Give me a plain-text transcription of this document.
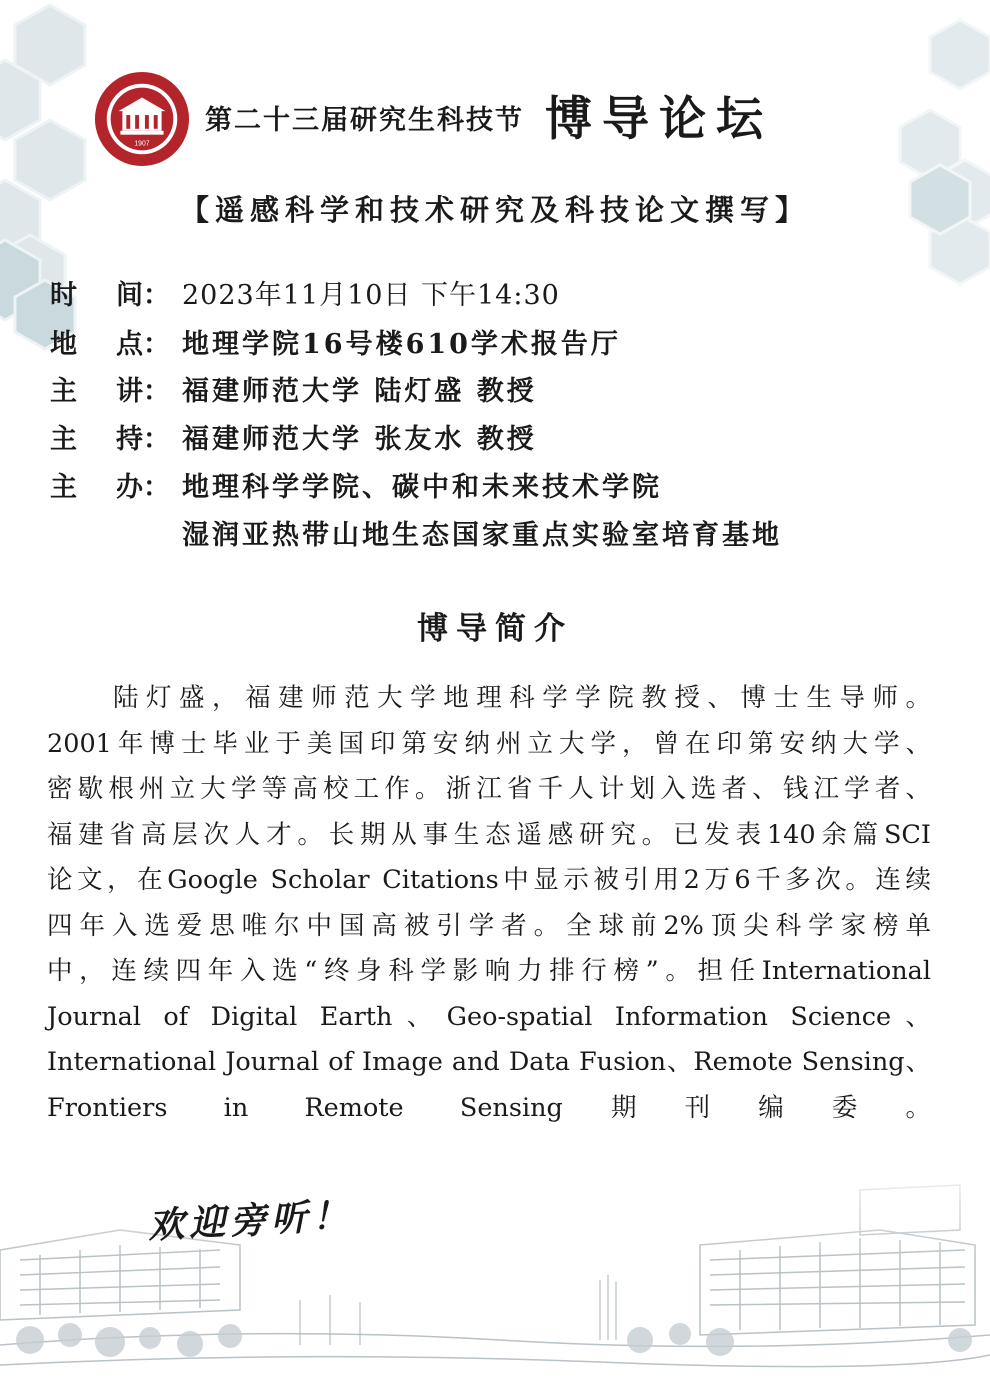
1907
第二十三届研究生科技节 博导论坛
【遥感科学和技术研究及科技论文撰写】
时 间： 2023年11月10日 下午14:30
地 点： 地理学院16号楼610学术报告厅
主 讲： 福建师范大学 陆灯盛 教授
主 持： 福建师范大学 张友水 教授
主 办： 地理科学学院、碳中和未来技术学院
湿润亚热带山地生态国家重点实验室培育基地
博导简介
陆灯盛，福建师范大学地理科学学院教授、博士生导师。
2001年博士毕业于美国印第安纳州立大学，曾在印第安纳大学、
密歇根州立大学等高校工作。浙江省千人计划入选者、钱江学者、
福建省高层次人才。长期从事生态遥感研究。已发表140余篇SCI
论文，在Google Scholar Citations中显示被引用2万6千多次。连续
四年入选爱思唯尔中国高被引学者。全球前2%顶尖科学家榜单
中，连续四年入选“终身科学影响力排行榜”。担任International
Journal of Digital Earth、Geo-spatial Information Science、
International Journal of Image and Data Fusion、Remote Sensing、
Frontiers in Remote Sensing期刊编委。
欢迎旁听！
